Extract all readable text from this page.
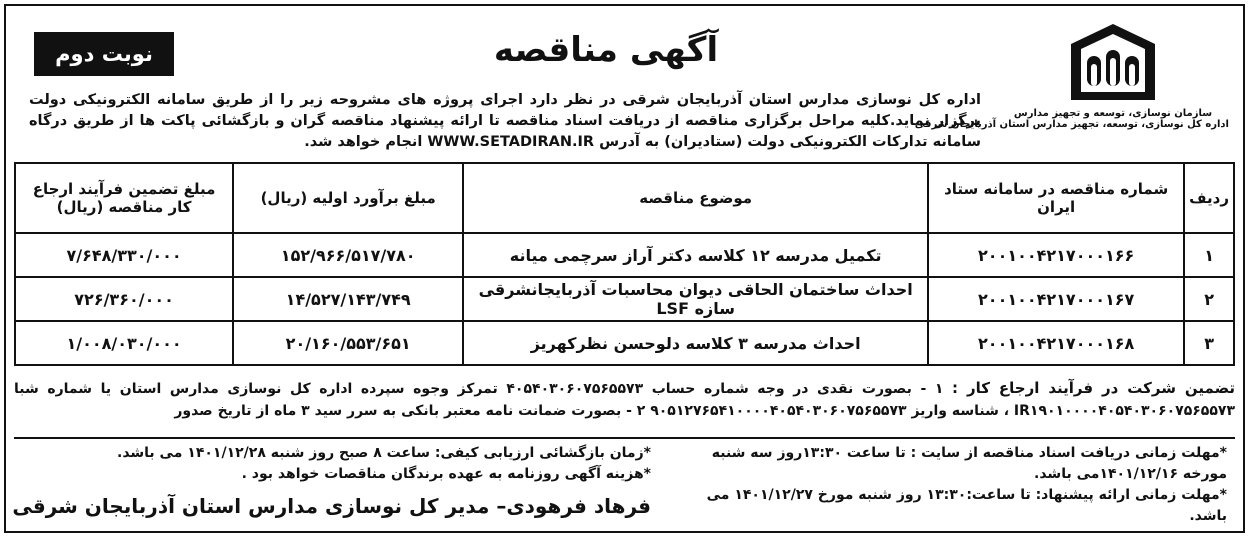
سازمان نوسازی، توسعه و تجهیز مدارس
اداره کل نوسازی، توسعه، تجهیز مدارس استان آذربایجان شرقی
آگهی مناقصه
نوبت دوم
اداره کل نوسازی مدارس استان آذربایجان شرقی در نظر دارد اجرای پروژه های مشروحه زیر را از طریق سامانه الکترونیکی دولت برگزار نماید.کلیه مراحل برگزاری مناقصه از دریافت اسناد مناقصه تا ارائه پیشنهاد مناقصه گران و بازگشائی پاکت ها از طریق درگاه سامانه تدارکات الکترونیکی دولت (ستادیران) به آدرس WWW.SETADIRAN.IR انجام خواهد شد.
ردیف	شماره مناقصه در سامانه ستاد ایران	موضوع مناقصه	مبلغ برآورد اولیه (ریال)	مبلغ تضمین فرآیند ارجاع کار مناقصه (ریال)
۱	۲۰۰۱۰۰۴۲۱۷۰۰۰۱۶۶	تکمیل مدرسه ۱۲ کلاسه دکتر آراز سرچمی میانه	۱۵۲/۹۶۶/۵۱۷/۷۸۰	۷/۶۴۸/۳۳۰/۰۰۰
۲	۲۰۰۱۰۰۴۲۱۷۰۰۰۱۶۷	احداث ساختمان الحاقی دیوان محاسبات آذربایجانشرقی سازه LSF	۱۴/۵۲۷/۱۴۳/۷۴۹	۷۲۶/۳۶۰/۰۰۰
۳	۲۰۰۱۰۰۴۲۱۷۰۰۰۱۶۸	احداث مدرسه ۳ کلاسه دلوحسن نظرکهریز	۲۰/۱۶۰/۵۵۳/۶۵۱	۱/۰۰۸/۰۳۰/۰۰۰
تضمین شرکت در فرآیند ارجاع کار : ۱ - بصورت نقدی در وجه شماره حساب ۴۰۵۴۰۳۰۶۰۷۵۶۵۵۷۳ تمرکز وجوه سپرده اداره کل نوسازی مدارس استان یا شماره شبا IR۱۹۰۱۰۰۰۰۴۰۵۴۰۳۰۶۰۷۵۶۵۵۷۳ ، شناسه واریز ۹۰۵۱۲۷۶۵۴۱۰۰۰۰۴۰۵۴۰۳۰۶۰۷۵۶۵۵۷۳ ۲ - بصورت ضمانت نامه معتبر بانکی به سرر سید ۳ ماه از تاریخ صدور
*مهلت زمانی دریافت اسناد مناقصه از سایت : تا ساعت ۱۳:۳۰روز سه شنبه مورخه ۱۴۰۱/۱۲/۱۶می باشد.
*مهلت زمانی ارائه پیشنهاد: تا ساعت:۱۳:۳۰ روز شنبه مورخ ۱۴۰۱/۱۲/۲۷ می باشد.
*زمان بازگشائی ارزیابی کیفی: ساعت ۸ صبح روز شنبه ۱۴۰۱/۱۲/۲۸ می باشد.
*هزینه آگهی روزنامه به عهده برندگان مناقصات خواهد بود .
فرهاد فرهودی– مدیر کل نوسازی مدارس استان آذربایجان شرقی
